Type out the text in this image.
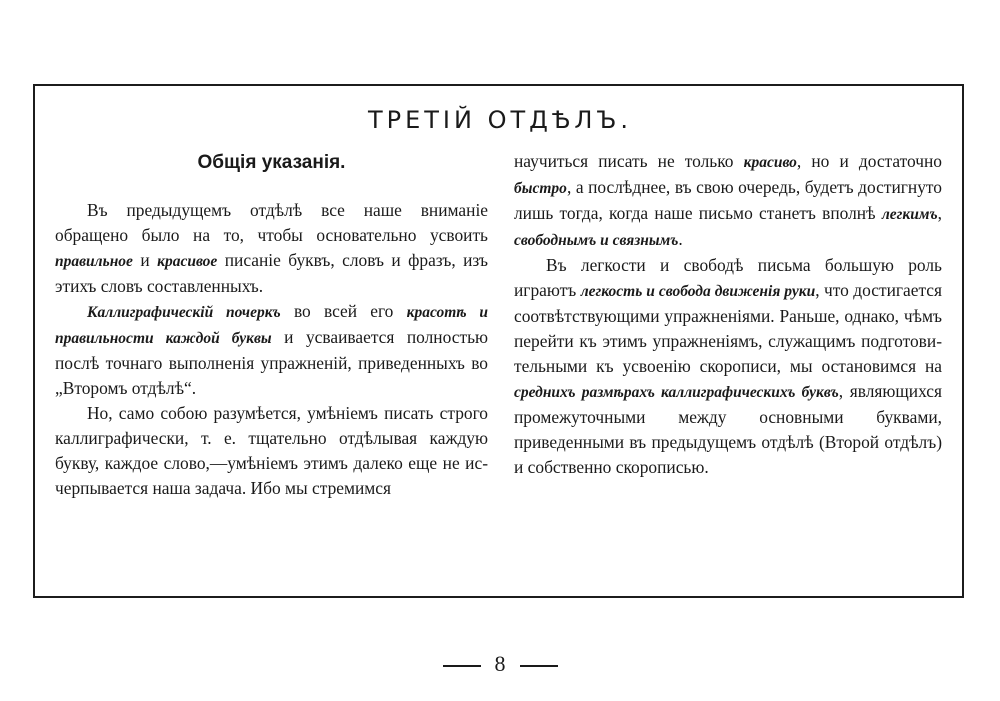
ТРЕТIЙ ОТДѢЛЪ.
Общiя указанiя.

Въ предыдущемъ отдѣлѣ все наше вниманіе обращено было на то, чтобы основательно усвоить правильное и красивое писаніе буквъ, словъ и фразъ, изъ этихъ словъ составленныхъ.

Каллиграфическій почеркъ во всей его красотѣ и правильности каждой буквы и усваивается полностью послѣ точнаго выполненія упражненій, приведенныхъ во „Второмъ отдѣлѣ“.

Но, само собою разумѣется, умѣніемъ писать строго каллиграфически, т. е. тщательно отдѣлывая каждую букву, каждое слово,—умѣніемъ этимъ далеко еще не исчерпывается наша задача. Ибо мы стремимся

научиться писать не только красиво, но и достаточно быстро, а послѣднее, въ свою очередь, будетъ достигнуто лишь тогда, когда наше письмо станетъ вполнѣ легкимъ, свободнымъ и связнымъ.

Въ легкости и свободѣ письма большую роль играютъ легкость и свобода движенія руки, что достигается соотвѣтствующими упражненіями. Раньше, однако, чѣмъ перейти къ этимъ упражненіямъ, служащимъ подготовительными къ усвоенію скорописи, мы остановимся на среднихъ размѣрахъ каллиграфическихъ буквъ, являющихся промежуточными между основными буквами, приведенными въ предыдущемъ отдѣлѣ (Второй отдѣлъ) и собственно скорописью.

8
